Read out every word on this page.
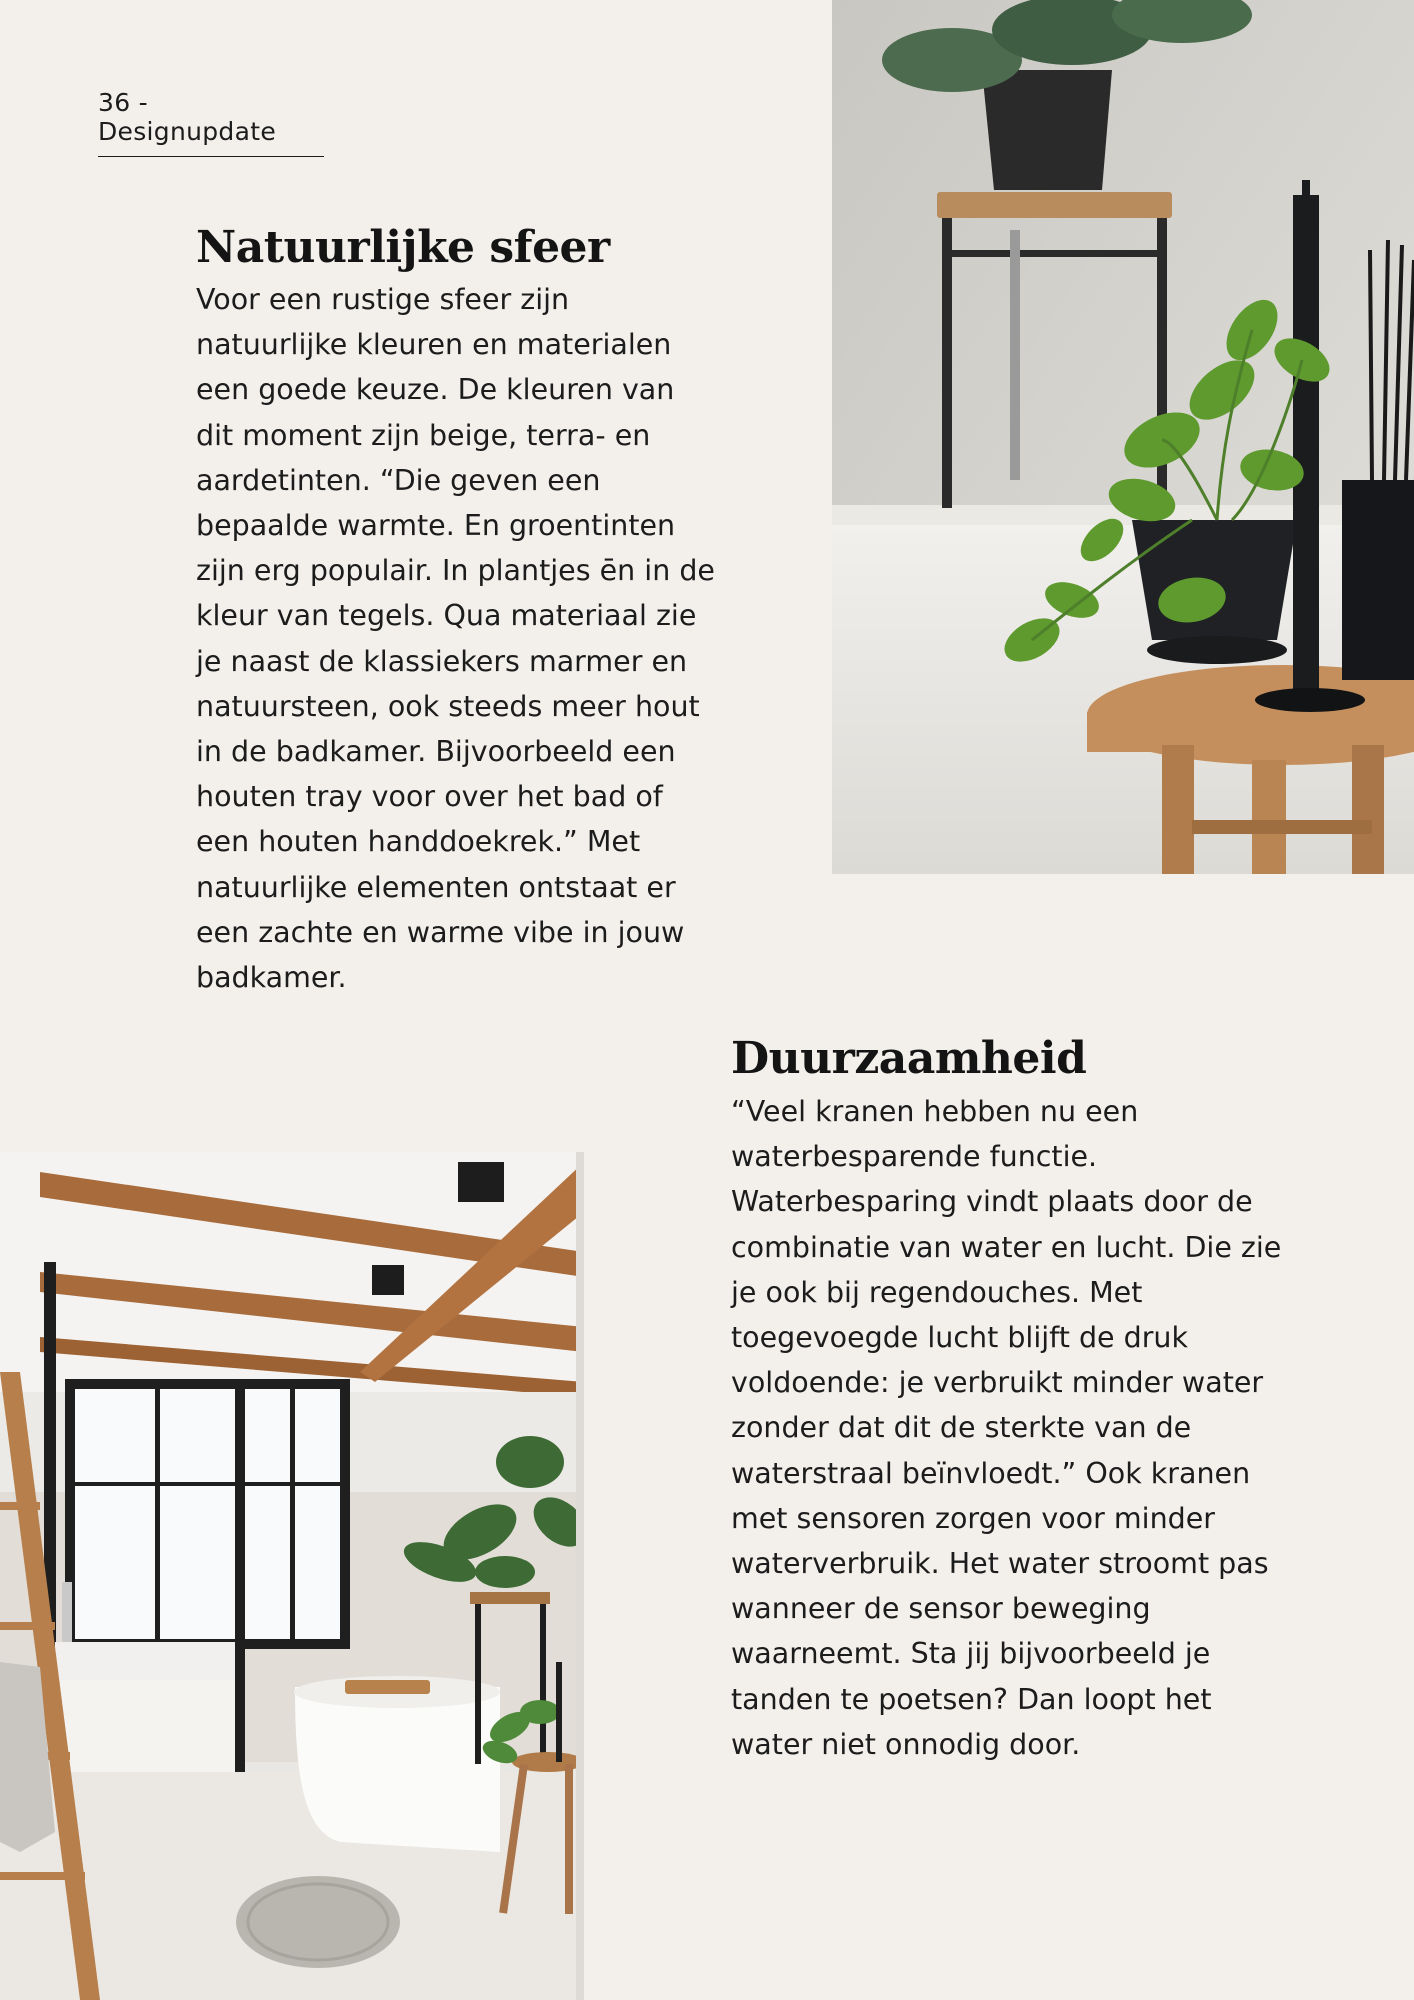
36 - Designupdate
Natuurlijke sfeer

Voor een rustige sfeer zijn natuurlijke kleuren en materialen een goede keuze. De kleuren van dit moment zijn beige, terra- en aardetinten. “Die geven een bepaalde warmte. En groentinten zijn erg populair. In plantjes ēn in de kleur van tegels. Qua materiaal zie je naast de klassiekers marmer en natuursteen, ook steeds meer hout in de badkamer. Bijvoorbeeld een houten tray voor over het bad of een houten handdoekrek.” Met natuurlijke elementen ontstaat er een zachte en warme vibe in jouw badkamer.

Duurzaamheid

“Veel kranen hebben nu een waterbesparende functie. Waterbesparing vindt plaats door de combinatie van water en lucht. Die zie je ook bij regendouches. Met toegevoegde lucht blijft de druk voldoende: je verbruikt minder water zonder dat dit de sterkte van de waterstraal beïnvloedt.” Ook kranen met sensoren zorgen voor minder waterverbruik. Het water stroomt pas wanneer de sensor beweging waarneemt. Sta jij bijvoorbeeld je tanden te poetsen? Dan loopt het water niet onnodig door.
